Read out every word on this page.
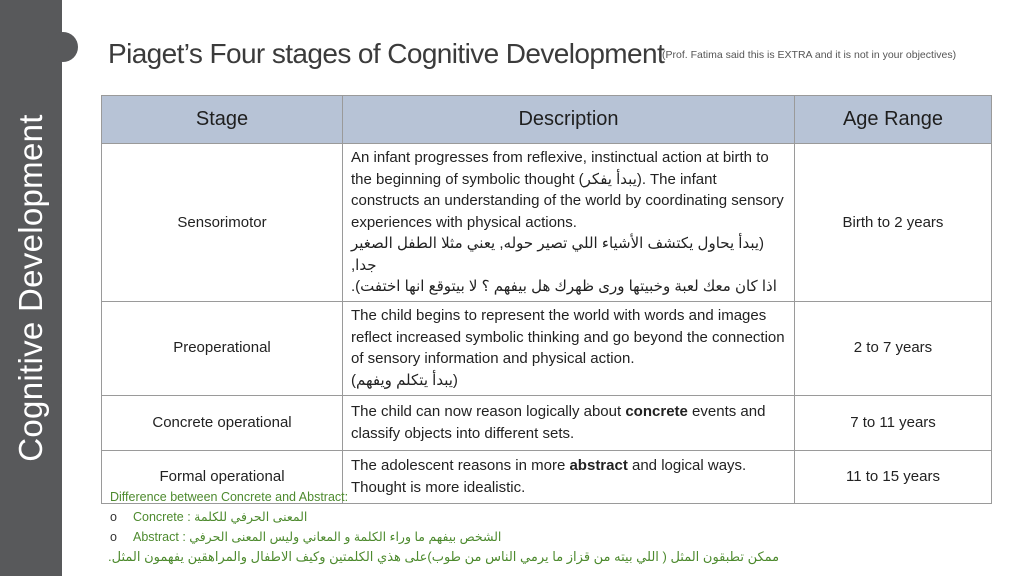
Cognitive Development
Piaget’s Four stages of Cognitive Development
(Prof. Fatima said this is EXTRA and it is not in your objectives)
Stage	Description	Age Range
Sensorimotor	An infant progresses from reflexive, instinctual action at birth to the beginning of symbolic thought (يبدأ يفكر). The infant constructs an understanding of the world by coordinating sensory experiences with physical actions.
(يبدأ يحاول يكتشف الأشياء اللي تصير حوله, يعني مثلا الطفل الصغير جدا,
اذا كان معك لعبة وخبيتها ورى ظهرك هل بيفهم ؟ لا بيتوقع انها اختفت).	Birth to 2 years
Preoperational	The child begins to represent the world with words and images reflect increased symbolic thinking and go beyond the connection of sensory information and physical action.
(يبدأ يتكلم ويفهم)	2 to 7 years
Concrete operational	The child can now reason logically about concrete events and classify objects into different sets.	7 to 11 years
Formal operational	The adolescent reasons in more abstract and logical ways. Thought is more idealistic.	11 to 15 years
Difference between Concrete and Abstract:
o Concrete : المعنى الحرفي للكلمة
o Abstract : الشخص بيفهم ما وراء الكلمة و المعاني وليس المعنى الحرفي
ممكن تطبقون المثل ( اللي بيته من قزاز ما يرمي الناس من طوب)على هذي الكلمتين وكيف الاطفال والمراهقين يفهمون المثل.
